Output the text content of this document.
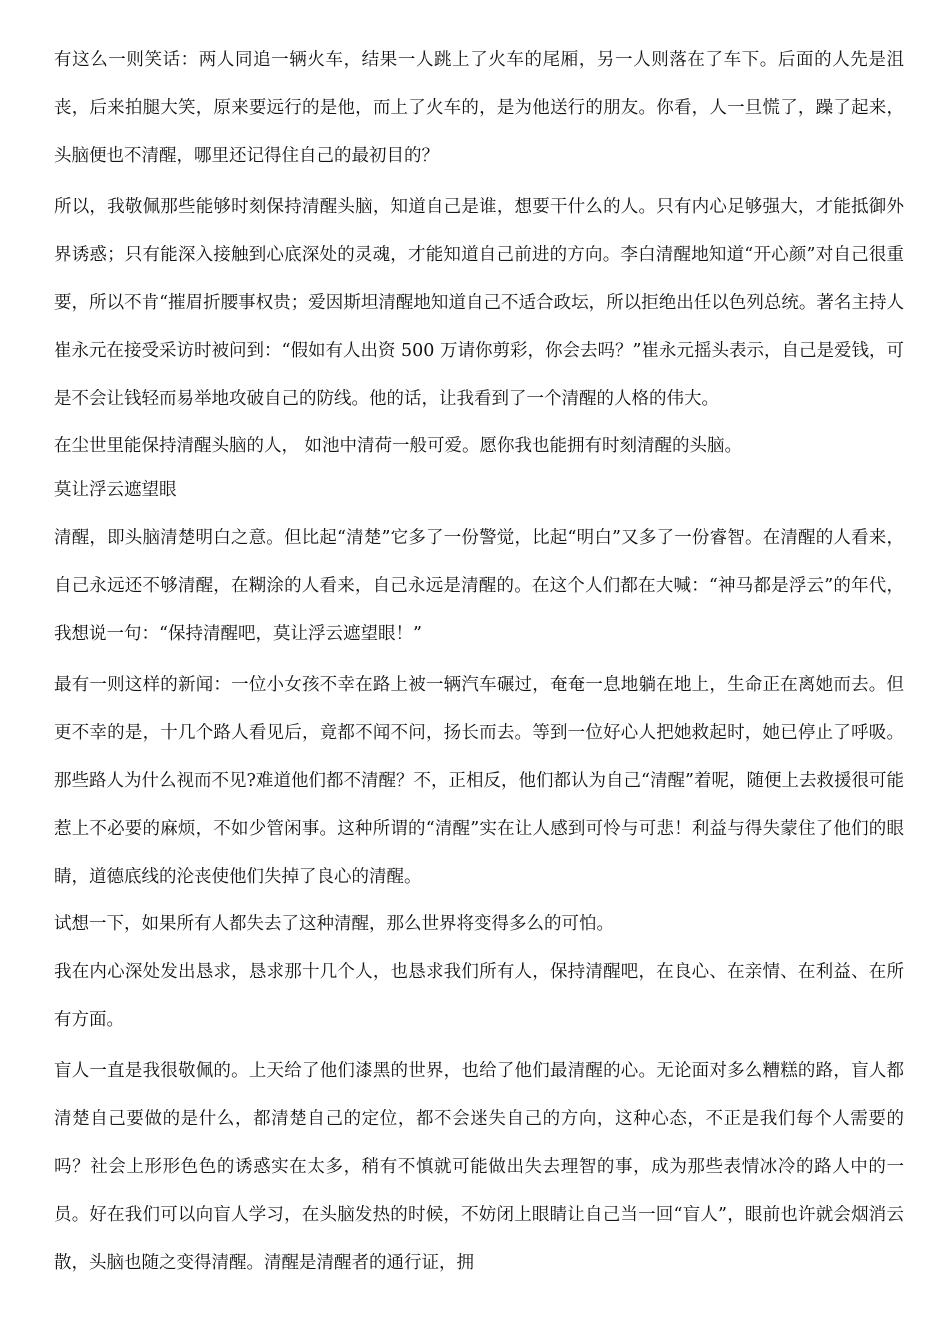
有这么一则笑话：两人同追一辆火车，结果一人跳上了火车的尾厢，另一人则落在了车下。后面的人先是沮丧，后来拍腿大笑，原来要远行的是他，而上了火车的，是为他送行的朋友。你看，人一旦慌了，躁了起来，头脑便也不清醒，哪里还记得住自己的最初目的？

所以，我敬佩那些能够时刻保持清醒头脑，知道自己是谁，想要干什么的人。只有内心足够强大，才能抵御外界诱惑；只有能深入接触到心底深处的灵魂，才能知道自己前进的方向。李白清醒地知道“开心颜”对自己很重要，所以不肯“摧眉折腰事权贵；爱因斯坦清醒地知道自己不适合政坛，所以拒绝出任以色列总统。著名主持人崔永元在接受采访时被问到：“假如有人出资 500 万请你剪彩，你会去吗？”崔永元摇头表示，自己是爱钱，可是不会让钱轻而易举地攻破自己的防线。他的话，让我看到了一个清醒的人格的伟大。

在尘世里能保持清醒头脑的人， 如池中清荷一般可爱。愿你我也能拥有时刻清醒的头脑。

莫让浮云遮望眼

清醒，即头脑清楚明白之意。但比起“清楚”它多了一份警觉，比起“明白”又多了一份睿智。在清醒的人看来，自己永远还不够清醒，在糊涂的人看来，自己永远是清醒的。在这个人们都在大喊：“神马都是浮云”的年代，我想说一句：“保持清醒吧，莫让浮云遮望眼！”

最有一则这样的新闻：一位小女孩不幸在路上被一辆汽车碾过，奄奄一息地躺在地上，生命正在离她而去。但更不幸的是，十几个路人看见后，竟都不闻不问，扬长而去。等到一位好心人把她救起时，她已停止了呼吸。那些路人为什么视而不见?难道他们都不清醒？不，正相反，他们都认为自己“清醒”着呢，随便上去救援很可能惹上不必要的麻烦，不如少管闲事。这种所谓的“清醒”实在让人感到可怜与可悲！利益与得失蒙住了他们的眼睛，道德底线的沦丧使他们失掉了良心的清醒。

试想一下，如果所有人都失去了这种清醒，那么世界将变得多么的可怕。

我在内心深处发出恳求，恳求那十几个人，也恳求我们所有人，保持清醒吧，在良心、在亲情、在利益、在所有方面。

盲人一直是我很敬佩的。上天给了他们漆黑的世界，也给了他们最清醒的心。无论面对多么糟糕的路，盲人都清楚自己要做的是什么，都清楚自己的定位，都不会迷失自己的方向，这种心态，不正是我们每个人需要的吗？社会上形形色色的诱惑实在太多，稍有不慎就可能做出失去理智的事，成为那些表情冰冷的路人中的一员。好在我们可以向盲人学习，在头脑发热的时候，不妨闭上眼睛让自己当一回“盲人”，眼前也许就会烟消云散，头脑也随之变得清醒。清醒是清醒者的通行证，拥
